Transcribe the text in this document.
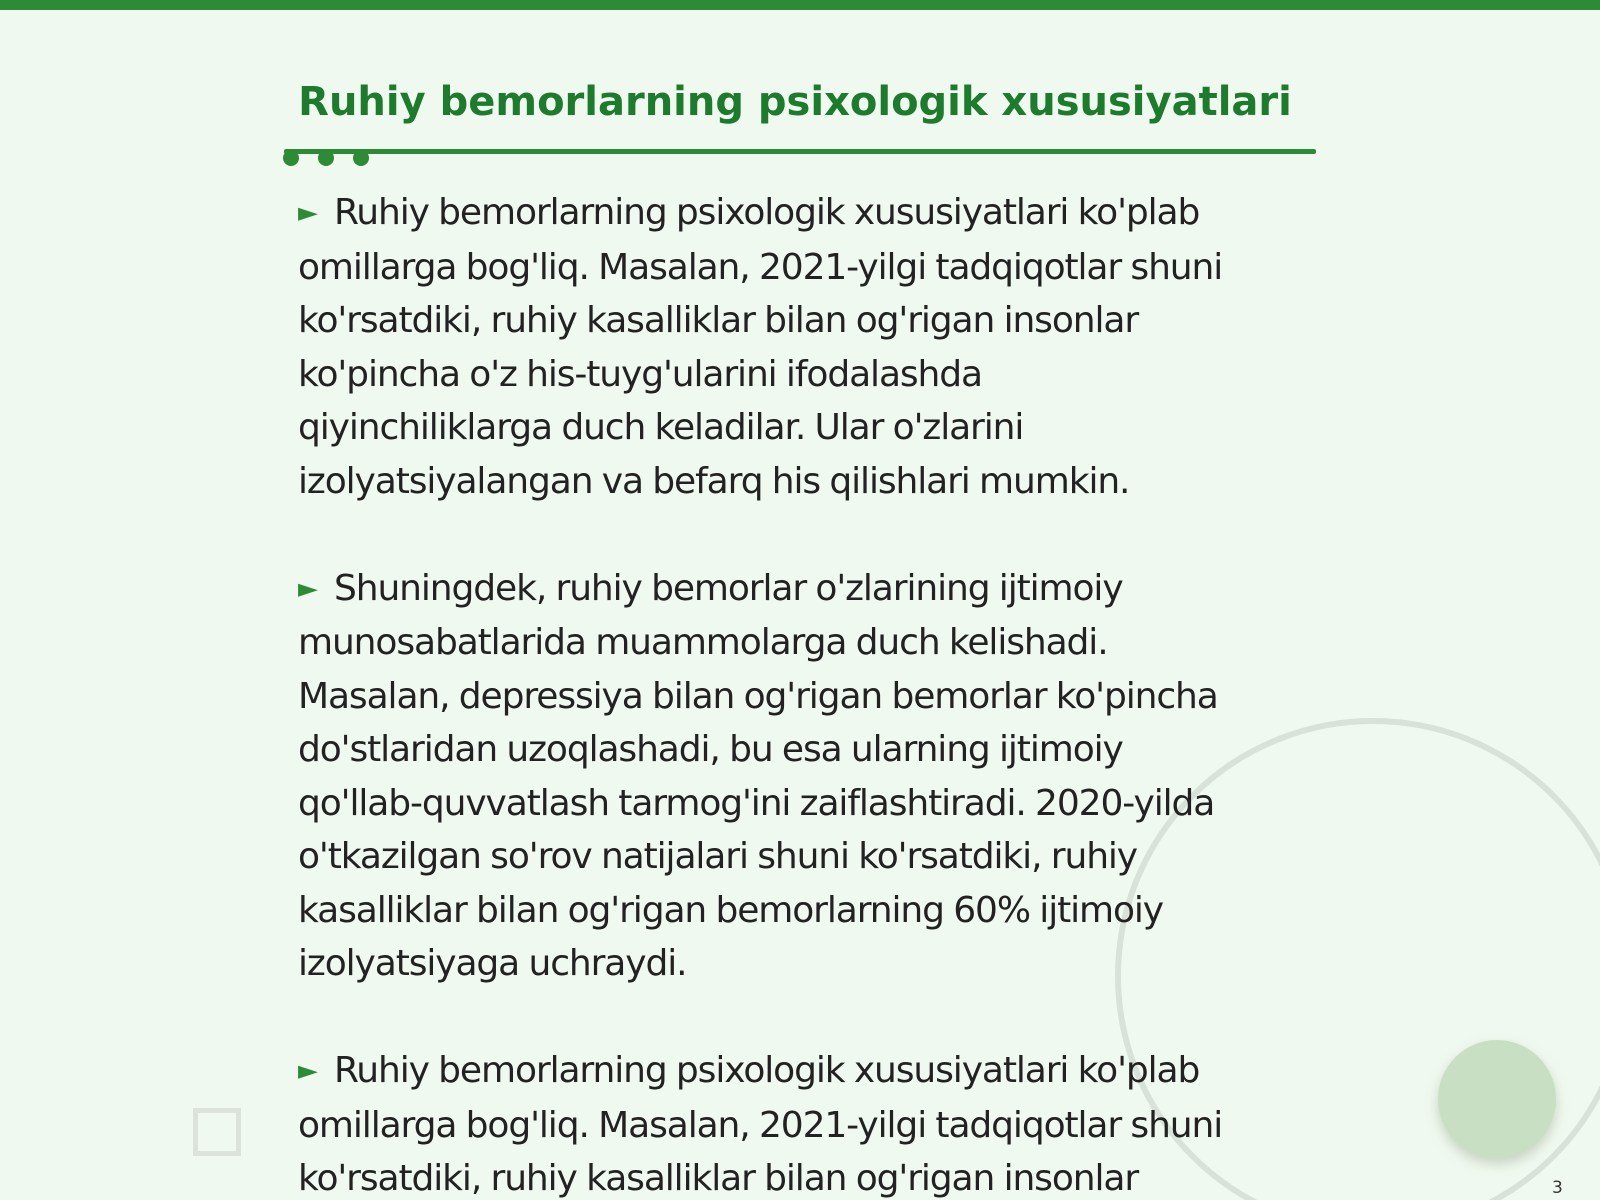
Ruhiy bemorlarning psixologik xususiyatlari
► Ruhiy bemorlarning psixologik xususiyatlari ko'plab
omillarga bog'liq. Masalan, 2021-yilgi tadqiqotlar shuni
ko'rsatdiki, ruhiy kasalliklar bilan og'rigan insonlar
ko'pincha o'z his-tuyg'ularini ifodalashda
qiyinchiliklarga duch keladilar. Ular o'zlarini
izolyatsiyalangan va befarq his qilishlari mumkin.
► Shuningdek, ruhiy bemorlar o'zlarining ijtimoiy
munosabatlarida muammolarga duch kelishadi.
Masalan, depressiya bilan og'rigan bemorlar ko'pincha
do'stlaridan uzoqlashadi, bu esa ularning ijtimoiy
qo'llab-quvvatlash tarmog'ini zaiflashtiradi. 2020-yilda
o'tkazilgan so'rov natijalari shuni ko'rsatdiki, ruhiy
kasalliklar bilan og'rigan bemorlarning 60% ijtimoiy
izolyatsiyaga uchraydi.
► Ruhiy bemorlarning psixologik xususiyatlari ko'plab
omillarga bog'liq. Masalan, 2021-yilgi tadqiqotlar shuni
ko'rsatdiki, ruhiy kasalliklar bilan og'rigan insonlar	3
